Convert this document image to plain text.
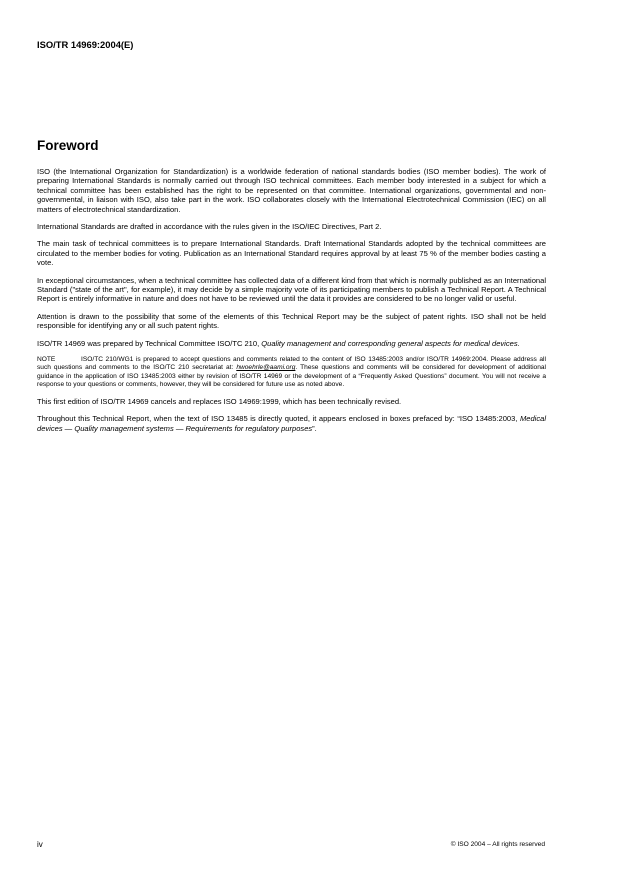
ISO/TR 14969:2004(E)
Foreword

ISO (the International Organization for Standardization) is a worldwide federation of national standards bodies (ISO member bodies). The work of preparing International Standards is normally carried out through ISO technical committees. Each member body interested in a subject for which a technical committee has been established has the right to be represented on that committee. International organizations, governmental and non-governmental, in liaison with ISO, also take part in the work. ISO collaborates closely with the International Electrotechnical Commission (IEC) on all matters of electrotechnical standardization.

International Standards are drafted in accordance with the rules given in the ISO/IEC Directives, Part 2.

The main task of technical committees is to prepare International Standards. Draft International Standards adopted by the technical committees are circulated to the member bodies for voting. Publication as an International Standard requires approval by at least 75 % of the member bodies casting a vote.

In exceptional circumstances, when a technical committee has collected data of a different kind from that which is normally published as an International Standard ("state of the art", for example), it may decide by a simple majority vote of its participating members to publish a Technical Report. A Technical Report is entirely informative in nature and does not have to be reviewed until the data it provides are considered to be no longer valid or useful.

Attention is drawn to the possibility that some of the elements of this Technical Report may be the subject of patent rights. ISO shall not be held responsible for identifying any or all such patent rights.

ISO/TR 14969 was prepared by Technical Committee ISO/TC 210, Quality management and corresponding general aspects for medical devices.

NOTE	ISO/TC 210/WG1 is prepared to accept questions and comments related to the content of ISO 13485:2003 and/or ISO/TR 14969:2004. Please address all such questions and comments to the ISO/TC 210 secretariat at: hwoehrle@aami.org. These questions and comments will be considered for development of additional guidance in the application of ISO 13485:2003 either by revision of ISO/TR 14969 or the development of a “Frequently Asked Questions” document. You will not receive a response to your questions or comments, however, they will be considered for future use as noted above.

This first edition of ISO/TR 14969 cancels and replaces ISO 14969:1999, which has been technically revised.

Throughout this Technical Report, when the text of ISO 13485 is directly quoted, it appears enclosed in boxes prefaced by: “ISO 13485:2003, Medical devices — Quality management systems — Requirements for regulatory purposes”.

iv	© ISO 2004 – All rights reserved
